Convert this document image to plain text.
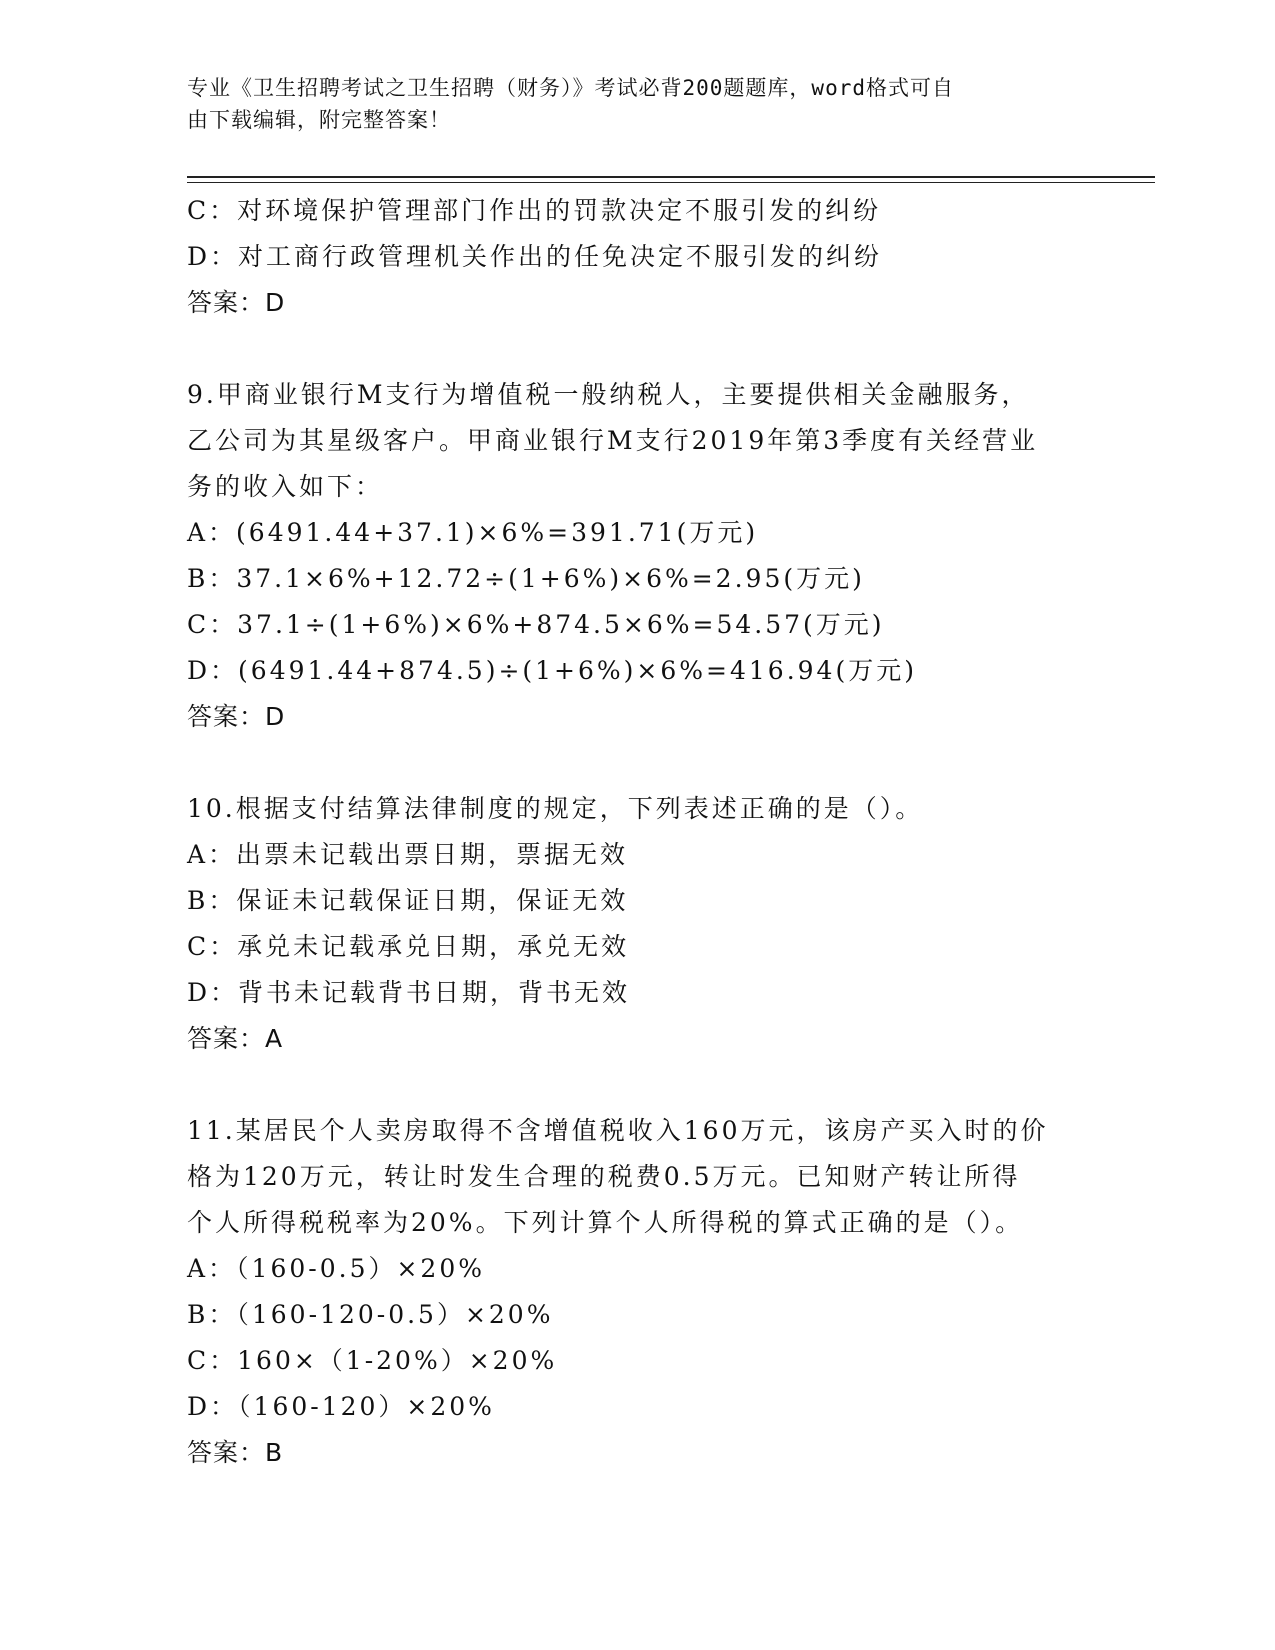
专业《卫生招聘考试之卫生招聘（财务）》考试必背200题题库，word格式可自
由下载编辑，附完整答案！
C：对环境保护管理部门作出的罚款决定不服引发的纠纷
D：对工商行政管理机关作出的任免决定不服引发的纠纷
答案：D
9.甲商业银行M支行为增值税一般纳税人，主要提供相关金融服务，
乙公司为其星级客户。甲商业银行M支行2019年第3季度有关经营业
务的收入如下：
A：(6491.44+37.1)×6%=391.71(万元)
B：37.1×6%+12.72÷(1+6%)×6%=2.95(万元)
C：37.1÷(1+6%)×6%+874.5×6%=54.57(万元)
D：(6491.44+874.5)÷(1+6%)×6%=416.94(万元)
答案：D
10.根据支付结算法律制度的规定，下列表述正确的是（）。
A：出票未记载出票日期，票据无效
B：保证未记载保证日期，保证无效
C：承兑未记载承兑日期，承兑无效
D：背书未记载背书日期，背书无效
答案：A
11.某居民个人卖房取得不含增值税收入160万元，该房产买入时的价
格为120万元，转让时发生合理的税费0.5万元。已知财产转让所得
个人所得税税率为20%。下列计算个人所得税的算式正确的是（）。
A：（160-0.5）×20%
B：（160-120-0.5）×20%
C：160×（1-20%）×20%
D：（160-120）×20%
答案：B
